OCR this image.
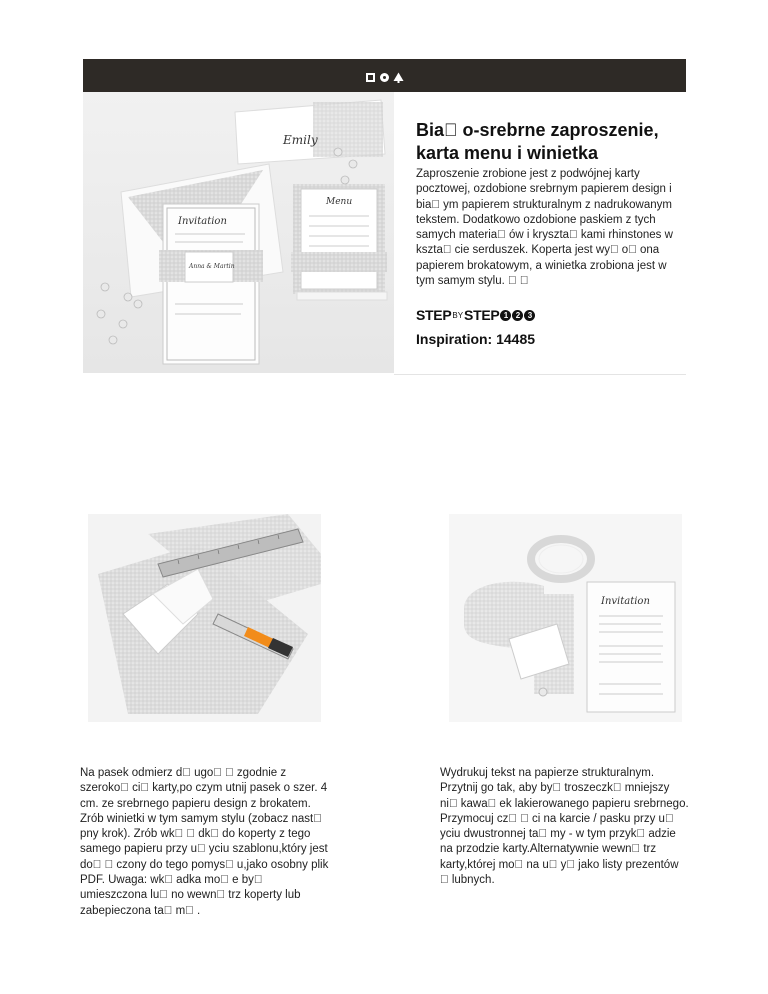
Emily
Invitation
Anna & Martin
Menu
Bia  o-srebrne zaproszenie,
karta menu i winietka
Zaproszenie zrobione jest z podwójnej karty pocztowej, ozdobione srebrnym papierem design i bia  ym papierem strukturalnym z nadrukowanym tekstem. Dodatkowo ozdobione paskiem z tych samych materia  ów i kryszta  kami rhinstones w kszta  cie serduszek. Koperta jest wy  o  ona papierem brokatowym, a winietka zrobiona jest w tym samym stylu.    
STEP BY STEP 1 2 3
Inspiration: 14485
Invitation
Na pasek odmierz d  ugo    zgodnie z szeroko  ci  karty,po czym utnij pasek o szer. 4 cm. ze srebrnego papieru design z brokatem. Zrób winietki w tym samym stylu (zobacz nast  pny krok). Zrób wk    dk  do koperty z tego samego papieru przy u  yciu szablonu,który jest do    czony do tego pomys  u,jako osobny plik PDF. Uwaga: wk  adka mo  e by  umieszczona lu  no wewn  trz koperty lub zabepieczona ta  m  .
Wydrukuj tekst na papierze strukturalnym. Przytnij go tak, aby by  troszeczk  mniejszy ni  kawa  ek lakierowanego papieru srebrnego. Przymocuj cz    ci na karcie / pasku przy u  yciu dwustronnej ta  my - w tym przyk  adzie na przodzie karty.Alternatywnie wewn  trz karty,której mo  na u  y  jako listy prezentów   lubnych.
